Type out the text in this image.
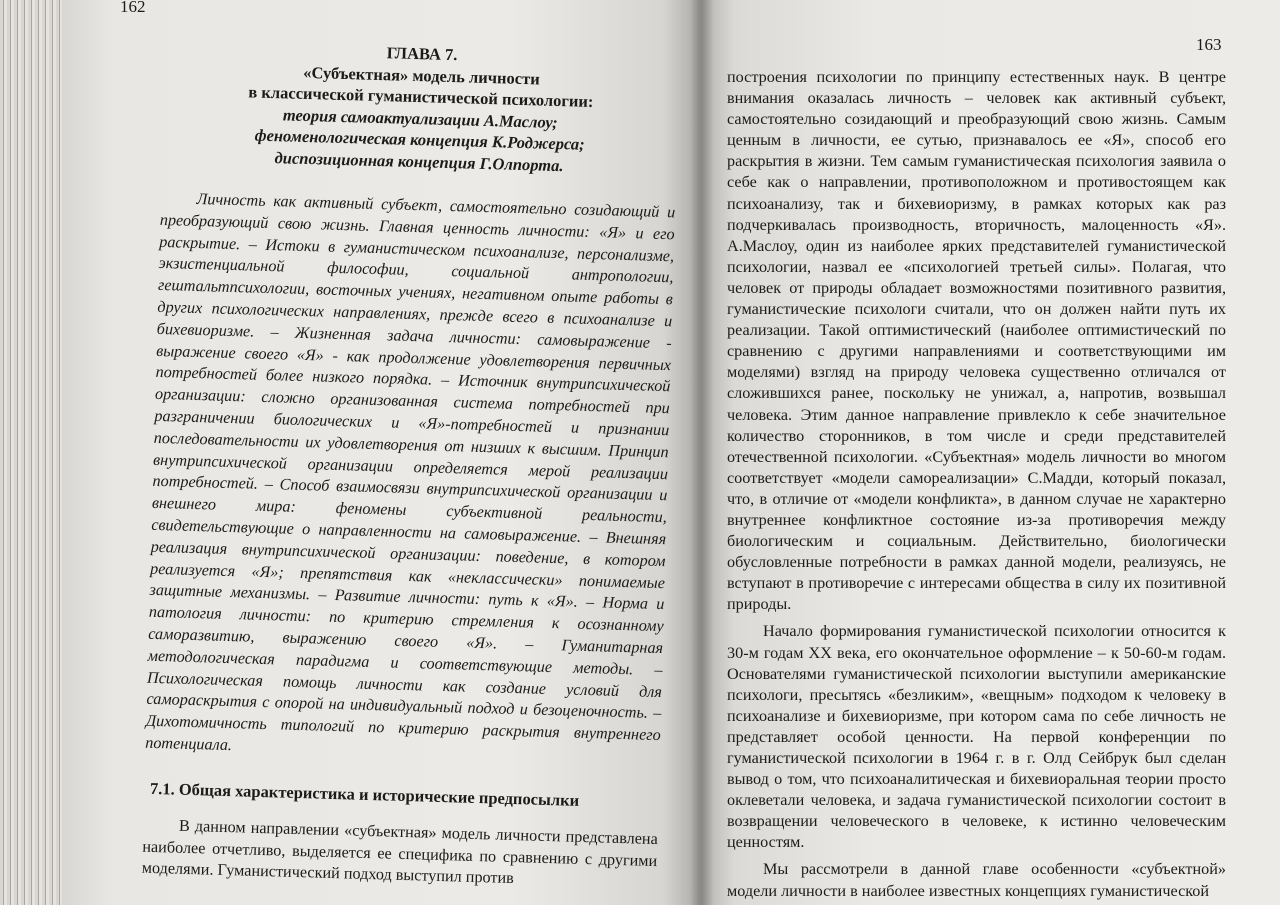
162
163
ГЛАВА 7.
«Субъектная» модель личности
в классической гуманистической психологии:
теория самоактуализации А.Маслоу;
феноменологическая концепция К.Роджерса;
диспозиционная концепция Г.Олпорта.
Личность как активный субъект, самостоятельно созидающий и преобразующий свою жизнь. Главная ценность личности: «Я» и его раскрытие. – Истоки в гуманистическом психоанализе, персонализме, экзистенциальной философии, социальной антропологии, гештальтпсихологии, восточных учениях, негативном опыте работы в других психологических направлениях, прежде всего в психоанализе и бихевиоризме. – Жизненная задача личности: самовыражение - выражение своего «Я» - как продолжение удовлетворения первичных потребностей более низкого порядка. – Источник внутрипсихической организации: сложно организованная система потребностей при разграничении биологических и «Я»-потребностей и признании последовательности их удовлетворения от низших к высшим. Принцип внутрипсихической организации определяется мерой реализации потребностей. – Способ взаимосвязи внутрипсихической организации и внешнего мира: феномены субъективной реальности, свидетельствующие о направленности на самовыражение. – Внешняя реализация внутрипсихической организации: поведение, в котором реализуется «Я»; препятствия как «неклассически» понимаемые защитные механизмы. – Развитие личности: путь к «Я». – Норма и патология личности: по критерию стремления к осознанному саморазвитию, выражению своего «Я». – Гуманитарная методологическая парадигма и соответствующие методы. – Психологическая помощь личности как создание условий для самораскрытия с опорой на индивидуальный подход и безоценочность. – Дихотомичность типологий по критерию раскрытия внутреннего потенциала.
7.1. Общая характеристика и исторические предпосылки
В данном направлении «субъектная» модель личности представлена наиболее отчетливо, выделяется ее специфика по сравнению с другими моделями. Гуманистический подход выступил против

построения психологии по принципу естественных наук. В центре внимания оказалась личность – человек как активный субъект, самостоятельно созидающий и преобразующий свою жизнь. Самым ценным в личности, ее сутью, признавалось ее «Я», способ его раскрытия в жизни. Тем самым гуманистическая психология заявила о себе как о направлении, противоположном и противостоящем как психоанализу, так и бихевиоризму, в рамках которых как раз подчеркивалась производность, вторичность, малоценность «Я». А.Маслоу, один из наиболее ярких представителей гуманистической психологии, назвал ее «психологией третьей силы». Полагая, что человек от природы обладает возможностями позитивного развития, гуманистические психологи считали, что он должен найти путь их реализации. Такой оптимистический (наиболее оптимистический по сравнению с другими направлениями и соответствующими им моделями) взгляд на природу человека существенно отличался от сложившихся ранее, поскольку не унижал, а, напротив, возвышал человека. Этим данное направление привлекло к себе значительное количество сторонников, в том числе и среди представителей отечественной психологии. «Субъектная» модель личности во многом соответствует «модели самореализации» С.Мадди, который показал, что, в отличие от «модели конфликта», в данном случае не характерно внутреннее конфликтное состояние из-за противоречия между биологическим и социальным. Действительно, биологически обусловленные потребности в рамках данной модели, реализуясь, не вступают в противоречие с интересами общества в силу их позитивной природы.

Начало формирования гуманистической психологии относится к 30-м годам XX века, его окончательное оформление – к 50-60-м годам. Основателями гуманистической психологии выступили американские психологи, пресытясь «безликим», «вещным» подходом к человеку в психоанализе и бихевиоризме, при котором сама по себе личность не представляет особой ценности. На первой конференции по гуманистической психологии в 1964 г. в г. Олд Сейбрук был сделан вывод о том, что психоаналитическая и бихевиоральная теории просто оклеветали человека, и задача гуманистической психологии состоит в возвращении человеческого в человеке, к истинно человеческим ценностям.

Мы рассмотрели в данной главе особенности «субъектной» модели личности в наиболее известных концепциях гуманистической
